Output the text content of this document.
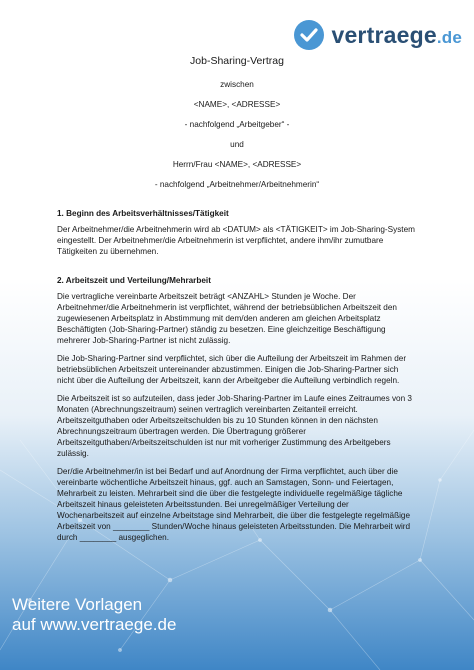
vertraege.de
Job-Sharing-Vertrag
zwischen
<NAME>, <ADRESSE>
- nachfolgend „Arbeitgeber“ -
und
Herrn/Frau <NAME>, <ADRESSE>
- nachfolgend „Arbeitnehmer/Arbeitnehmerin“
1. Beginn des Arbeitsverhältnisses/Tätigkeit
Der Arbeitnehmer/die Arbeitnehmerin wird ab <DATUM> als <TÄTIGKEIT> im Job-Sharing-System eingestellt. Der Arbeitnehmer/die Arbeitnehmerin ist verpflichtet, andere ihm/ihr zumutbare Tätigkeiten zu übernehmen.
2. Arbeitszeit und Verteilung/Mehrarbeit
Die vertragliche vereinbarte Arbeitszeit beträgt <ANZAHL> Stunden je Woche. Der Arbeitnehmer/die Arbeitnehmerin ist verpflichtet, während der betriebsüblichen Arbeitszeit den zugewiesenen Arbeitsplatz in Abstimmung mit dem/den anderen am gleichen Arbeitsplatz Beschäftigten (Job-Sharing-Partner) ständig zu besetzen. Eine gleichzeitige Beschäftigung mehrerer Job-Sharing-Partner ist nicht zulässig.
Die Job-Sharing-Partner sind verpflichtet, sich über die Aufteilung der Arbeitszeit im Rahmen der betriebsüblichen Arbeitszeit untereinander abzustimmen. Einigen die Job-Sharing-Partner sich nicht über die Aufteilung der Arbeitszeit, kann der Arbeitgeber die Aufteilung verbindlich regeln.
Die Arbeitszeit ist so aufzuteilen, dass jeder Job-Sharing-Partner im Laufe eines Zeitraumes von 3 Monaten (Abrechnungszeitraum) seinen vertraglich vereinbarten Zeitanteil erreicht. Arbeitszeitguthaben oder Arbeitszeitschulden bis zu 10 Stunden können in den nächsten Abrechnungszeitraum übertragen werden. Die Übertragung größerer Arbeitszeitguthaben/Arbeitszeitschulden ist nur mit vorheriger Zustimmung des Arbeitgebers zulässig.
Der/die Arbeitnehmer/in ist bei Bedarf und auf Anordnung der Firma verpflichtet, auch über die vereinbarte wöchentliche Arbeitszeit hinaus, ggf. auch an Samstagen, Sonn- und Feiertagen, Mehrarbeit zu leisten. Mehrarbeit sind die über die festgelegte individuelle regelmäßige tägliche Arbeitszeit hinaus geleisteten Arbeitsstunden. Bei unregelmäßiger Verteilung der Wochenarbeitszeit auf einzelne Arbeitstage sind Mehrarbeit, die über die festgelegte regelmäßige Arbeitszeit von ________ Stunden/Woche hinaus geleisteten Arbeitsstunden. Die Mehrarbeit wird durch ________ ausgeglichen.
Weitere Vorlagen
auf www.vertraege.de
